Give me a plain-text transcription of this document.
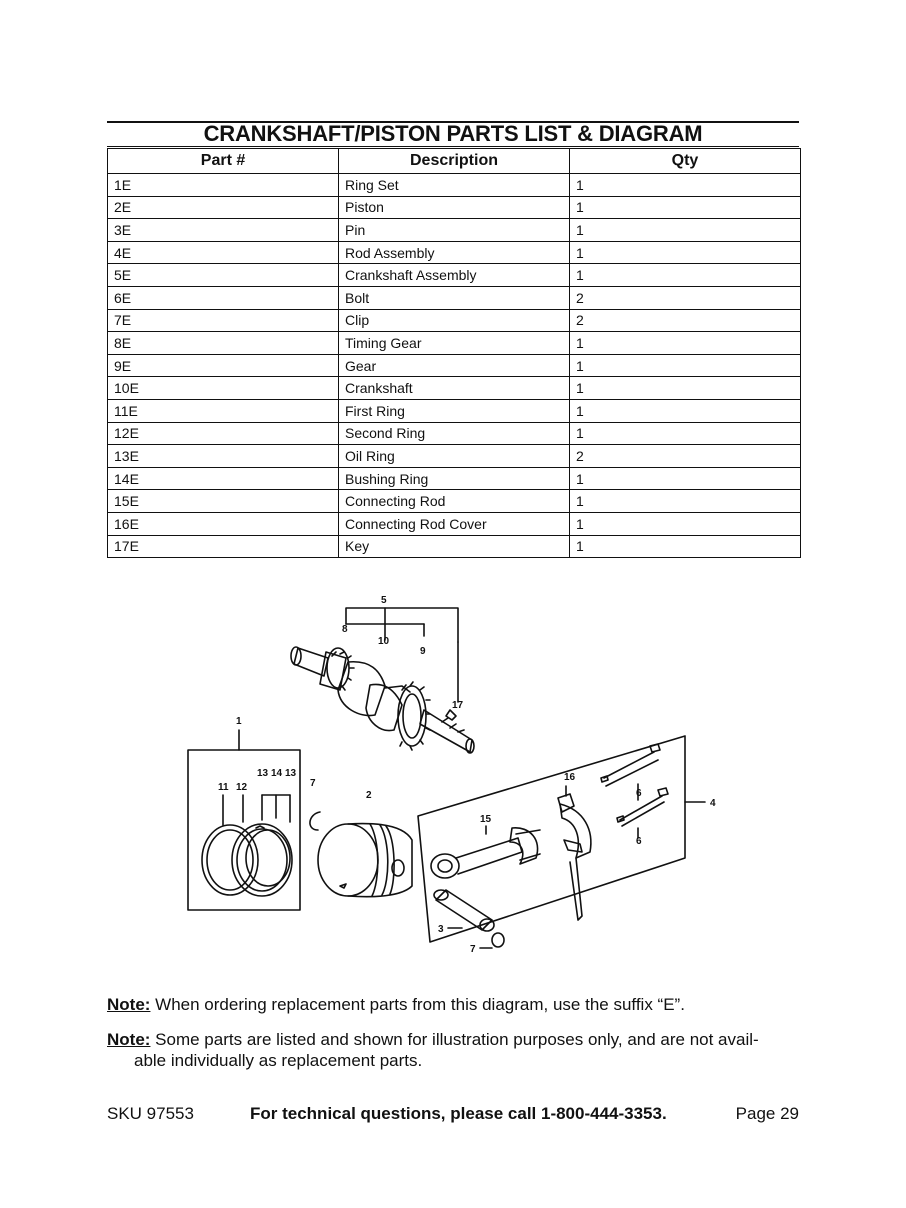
CRANKSHAFT/PISTON PARTS LIST & DIAGRAM
Part #	Description	Qty
1E	Ring Set	1
2E	Piston	1
3E	Pin	1
4E	Rod Assembly	1
5E	Crankshaft Assembly	1
6E	Bolt	2
7E	Clip	2
8E	Timing Gear	1
9E	Gear	1
10E	Crankshaft	1
11E	First Ring	1
12E	Second Ring	1
13E	Oil Ring	2
14E	Bushing Ring	1
15E	Connecting Rod	1
16E	Connecting Rod Cover	1
17E	Key	1
5
8
10
9
17
1
13 14 13
11 12	7
2
16
6
4
15
6
3
7
Note: When ordering replacement parts from this diagram, use the suffix “E”.
Note: Some parts are listed and shown for illustration purposes only, and are not avail-
able individually as replacement parts.
SKU 97553	For technical questions, please call 1-800-444-3353.	Page 29
